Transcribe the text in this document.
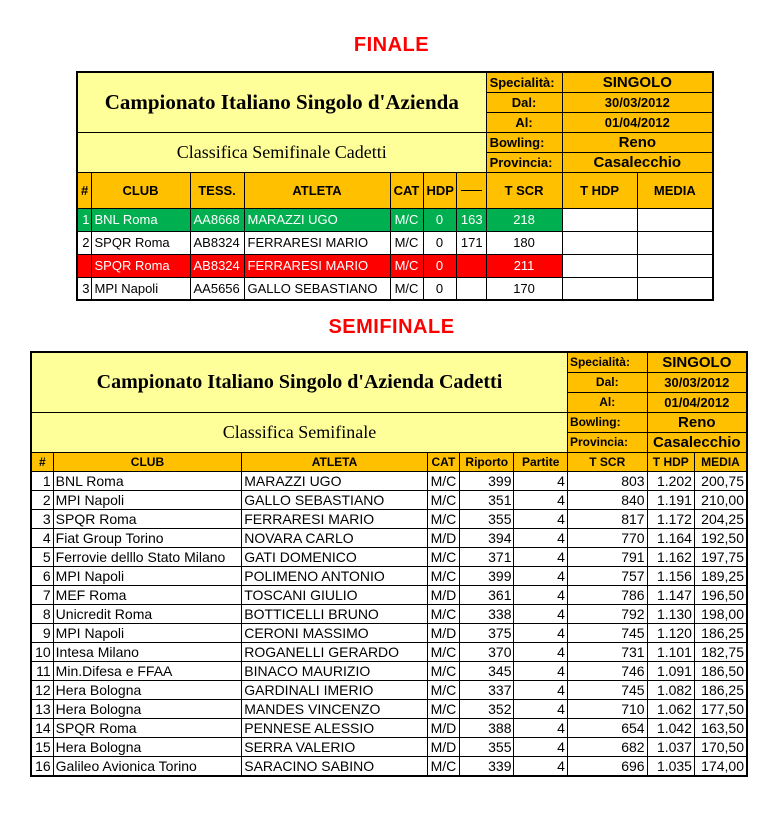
FINALE
Campionato Italiano Singolo d'Azienda							Specialità:	SINGOLO	
							Dal:	30/03/2012	
							Al:	01/04/2012	
Classifica Semifinale Cadetti							Bowling:	Reno	
							Provincia:	Casalecchio	
#	CLUB	TESS.	ATLETA	CAT	HDP		T SCR	T HDP	MEDIA
1	BNL Roma	AA8668	MARAZZI UGO	M/C	0	163	218		
2	SPQR Roma	AB8324	FERRARESI MARIO	M/C	0	171	180		
	SPQR Roma	AB8324	FERRARESI MARIO	M/C	0		211		
3	MPI Napoli	AA5656	GALLO SEBASTIANO	M/C	0		170		
SEMIFINALE
Campionato Italiano Singolo d'Azienda Cadetti						Specialità:	SINGOLO	
						Dal:	30/03/2012	
						Al:	01/04/2012	
Classifica Semifinale						Bowling:	Reno	
						Provincia:	Casalecchio	
#	CLUB	ATLETA	CAT	Riporto	Partite	T SCR	T HDP	MEDIA
1	BNL Roma	MARAZZI UGO	M/C	399	4	803	1.202	200,75
2	MPI Napoli	GALLO SEBASTIANO	M/C	351	4	840	1.191	210,00
3	SPQR Roma	FERRARESI MARIO	M/C	355	4	817	1.172	204,25
4	Fiat Group Torino	NOVARA CARLO	M/D	394	4	770	1.164	192,50
5	Ferrovie delllo Stato Milano	GATI DOMENICO	M/C	371	4	791	1.162	197,75
6	MPI Napoli	POLIMENO ANTONIO	M/C	399	4	757	1.156	189,25
7	MEF Roma	TOSCANI GIULIO	M/D	361	4	786	1.147	196,50
8	Unicredit Roma	BOTTICELLI BRUNO	M/C	338	4	792	1.130	198,00
9	MPI Napoli	CERONI MASSIMO	M/D	375	4	745	1.120	186,25
10	Intesa Milano	ROGANELLI GERARDO	M/C	370	4	731	1.101	182,75
11	Min.Difesa e FFAA	BINACO MAURIZIO	M/C	345	4	746	1.091	186,50
12	Hera Bologna	GARDINALI IMERIO	M/C	337	4	745	1.082	186,25
13	Hera Bologna	MANDES VINCENZO	M/C	352	4	710	1.062	177,50
14	SPQR Roma	PENNESE ALESSIO	M/D	388	4	654	1.042	163,50
15	Hera Bologna	SERRA VALERIO	M/D	355	4	682	1.037	170,50
16	Galileo Avionica Torino	SARACINO SABINO	M/C	339	4	696	1.035	174,00
